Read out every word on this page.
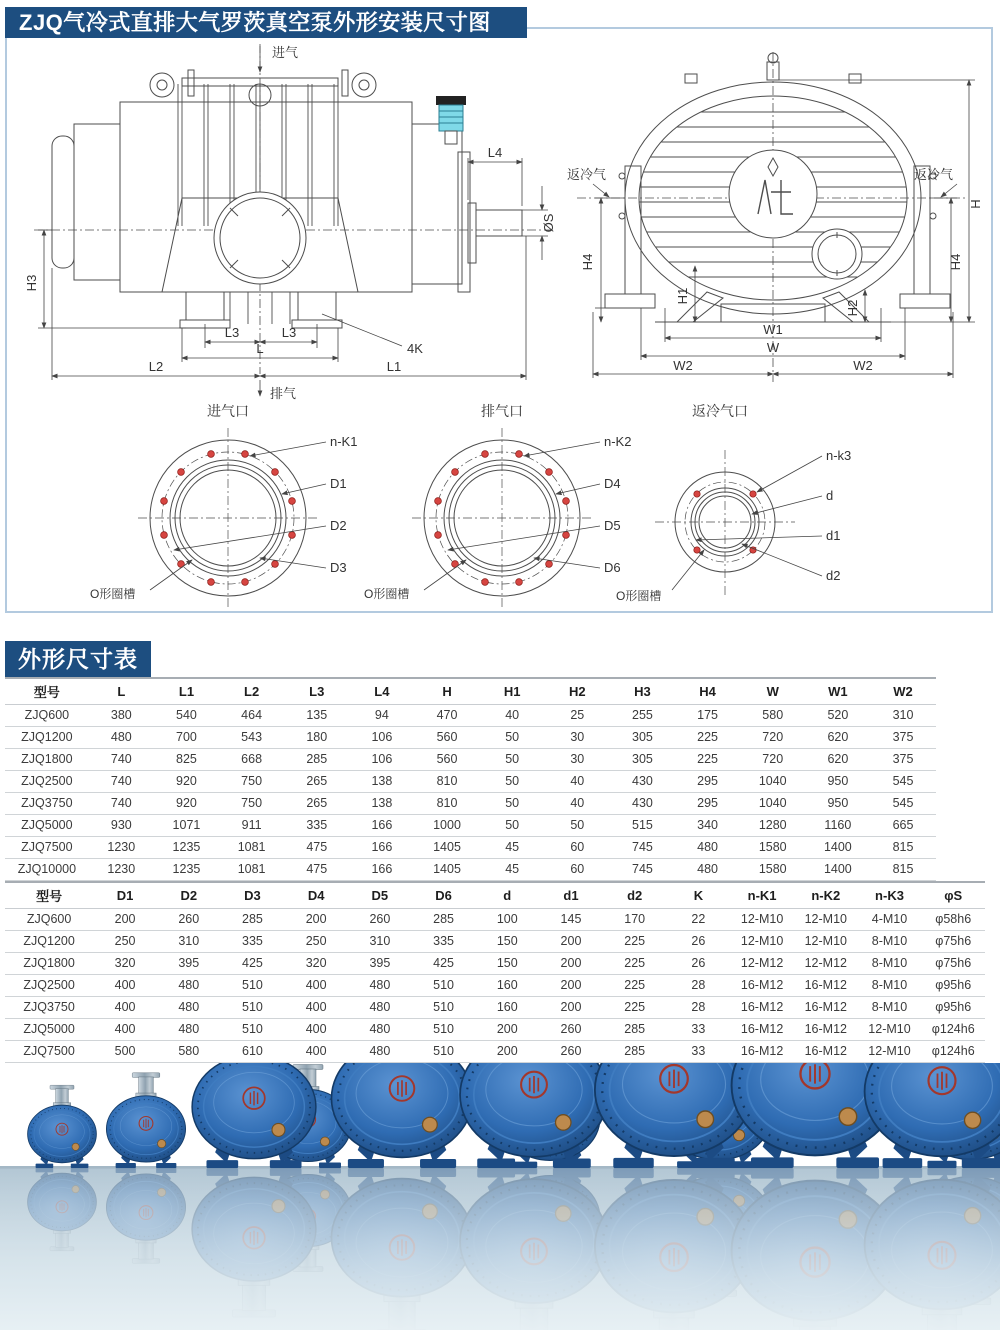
ZJQ气冷式直排大气罗茨真空泵外形安装尺寸图
进气
排气
H3
L3	L3
L
L2	L1
L4
ØS
4K
返冷气	返冷气
H4	H4
H1
H2
H
W1
W
W2	W2
进气口
n-K1
D1
D2
D3
O形圈槽
排气口
n-K2
D4
D5
D6
O形圈槽
返冷气口
n-k3
d
d1
d2
O形圈槽
外形尺寸表
型号	L	L1	L2	L3	L4	H	H1	H2	H3	H4	W	W1	W2
ZJQ600	380	540	464	135	94	470	40	25	255	175	580	520	310
ZJQ1200	480	700	543	180	106	560	50	30	305	225	720	620	375
ZJQ1800	740	825	668	285	106	560	50	30	305	225	720	620	375
ZJQ2500	740	920	750	265	138	810	50	40	430	295	1040	950	545
ZJQ3750	740	920	750	265	138	810	50	40	430	295	1040	950	545
ZJQ5000	930	1071	911	335	166	1000	50	50	515	340	1280	1160	665
ZJQ7500	1230	1235	1081	475	166	1405	45	60	745	480	1580	1400	815
ZJQ10000	1230	1235	1081	475	166	1405	45	60	745	480	1580	1400	815
型号	D1	D2	D3	D4	D5	D6	d	d1	d2	K	n-K1	n-K2	n-K3	φS
ZJQ600	200	260	285	200	260	285	100	145	170	22	12-M10	12-M10	4-M10	φ58h6
ZJQ1200	250	310	335	250	310	335	150	200	225	26	12-M10	12-M10	8-M10	φ75h6
ZJQ1800	320	395	425	320	395	425	150	200	225	26	12-M12	12-M12	8-M10	φ75h6
ZJQ2500	400	480	510	400	480	510	160	200	225	28	16-M12	16-M12	8-M10	φ95h6
ZJQ3750	400	480	510	400	480	510	160	200	225	28	16-M12	16-M12	8-M10	φ95h6
ZJQ5000	400	480	510	400	480	510	200	260	285	33	16-M12	16-M12	12-M10	φ124h6
ZJQ7500	500	580	610	400	480	510	200	260	285	33	16-M12	16-M12	12-M10	φ124h6
